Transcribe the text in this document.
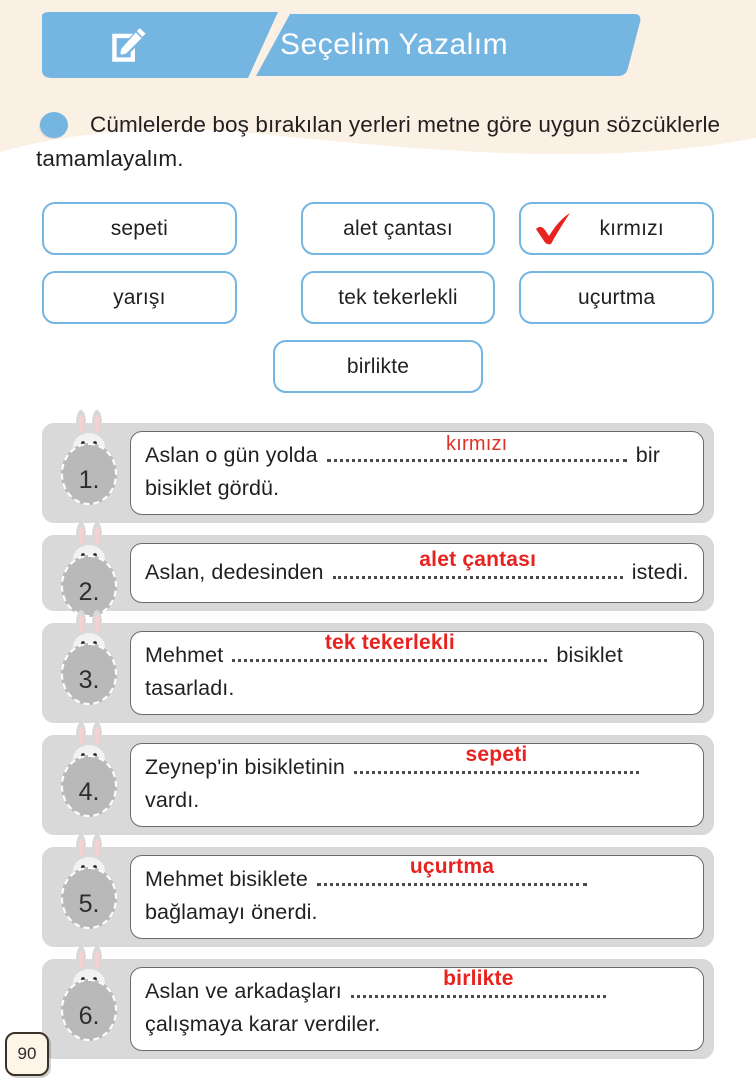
Seçelim Yazalım
Cümlelerde boş bırakılan yerleri metne göre uygun sözcüklerle tamamlayalım.
sepeti	alet çantası	kırmızı
yarışı	tek tekerlekli	uçurtma
birlikte
1.
Aslan o gün yolda	kırmızı	bir bisiklet gördü.
2.
Aslan, dedesinden
alet çantası
istedi.
3.
Mehmet
tek tekerlekli
bisiklet tasarladı.
4.
Zeynep'in bisikletinin
sepeti
vardı.
5.
Mehmet bisiklete
uçurtma
bağlamayı önerdi.
6.
Aslan ve arkadaşları
birlikte
çalışmaya karar verdiler.
90
